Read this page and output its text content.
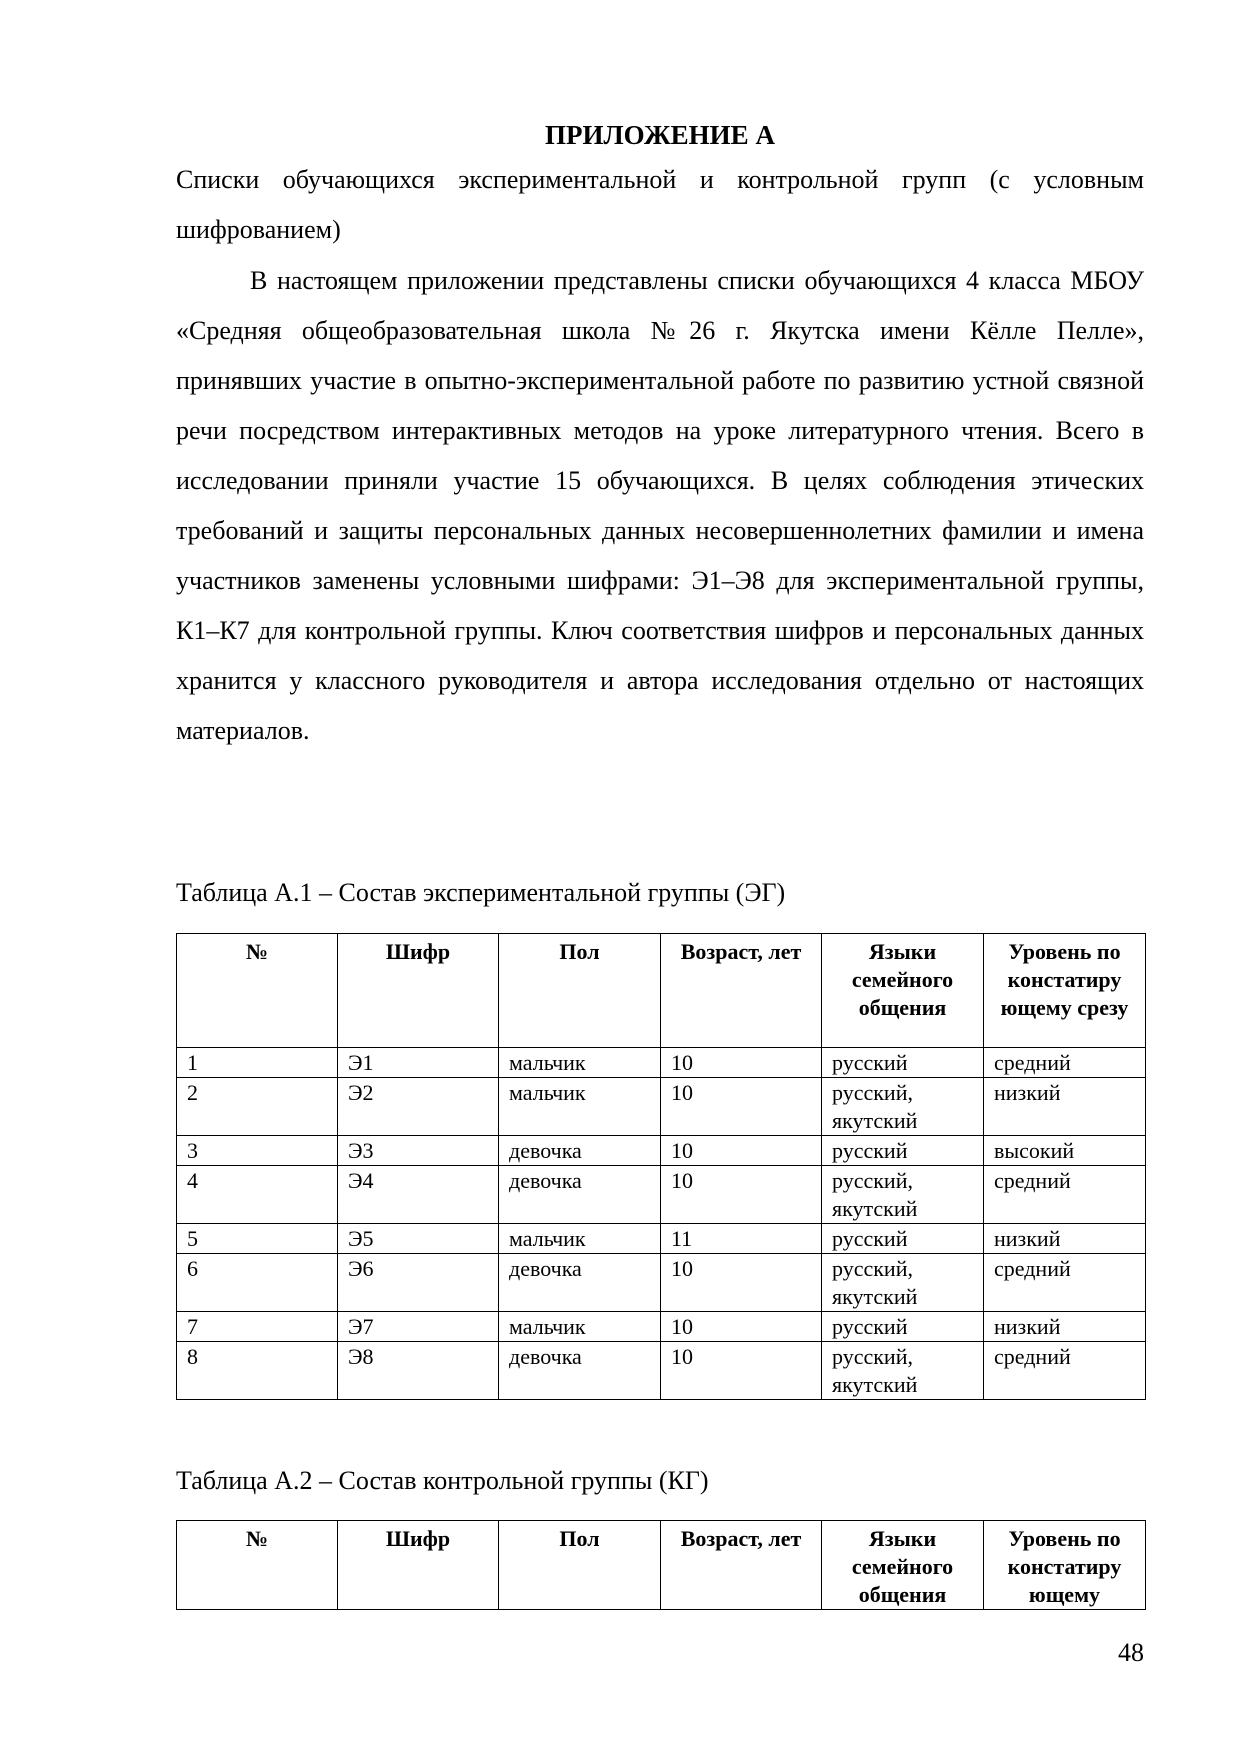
ПРИЛОЖЕНИЕ А

Списки обучающихся экспериментальной и контрольной групп (с условным шифрованием)

В настоящем приложении представлены списки обучающихся 4 класса МБОУ «Средняя общеобразовательная школа №26 г. Якутска имени Кёлле Пелле», принявших участие в опытно-экспериментальной работе по развитию устной связной речи посредством интерактивных методов на уроке литературного чтения. Всего в исследовании приняли участие 15 обучающихся. В целях соблюдения этических требований и защиты персональных данных несовершеннолетних фамилии и имена участников заменены условными шифрами: Э1–Э8 для экспериментальной группы, К1–К7 для контрольной группы. Ключ соответствия шифров и персональных данных хранится у классного руководителя и автора исследования отдельно от настоящих материалов.

Таблица А.1 – Состав экспериментальной группы (ЭГ)

№	Шифр	Пол	Возраст, лет	Языки семейного общения	Уровень по констатиру ющему срезу
1	Э1	мальчик	10	русский	средний
2	Э2	мальчик	10	русский, якутский	низкий
3	Э3	девочка	10	русский	высокий
4	Э4	девочка	10	русский, якутский	средний
5	Э5	мальчик	11	русский	низкий
6	Э6	девочка	10	русский, якутский	средний
7	Э7	мальчик	10	русский	низкий
8	Э8	девочка	10	русский, якутский	средний

Таблица А.2 – Состав контрольной группы (КГ)

№	Шифр	Пол	Возраст, лет	Языки семейного общения	Уровень по констатиру ющему
48
